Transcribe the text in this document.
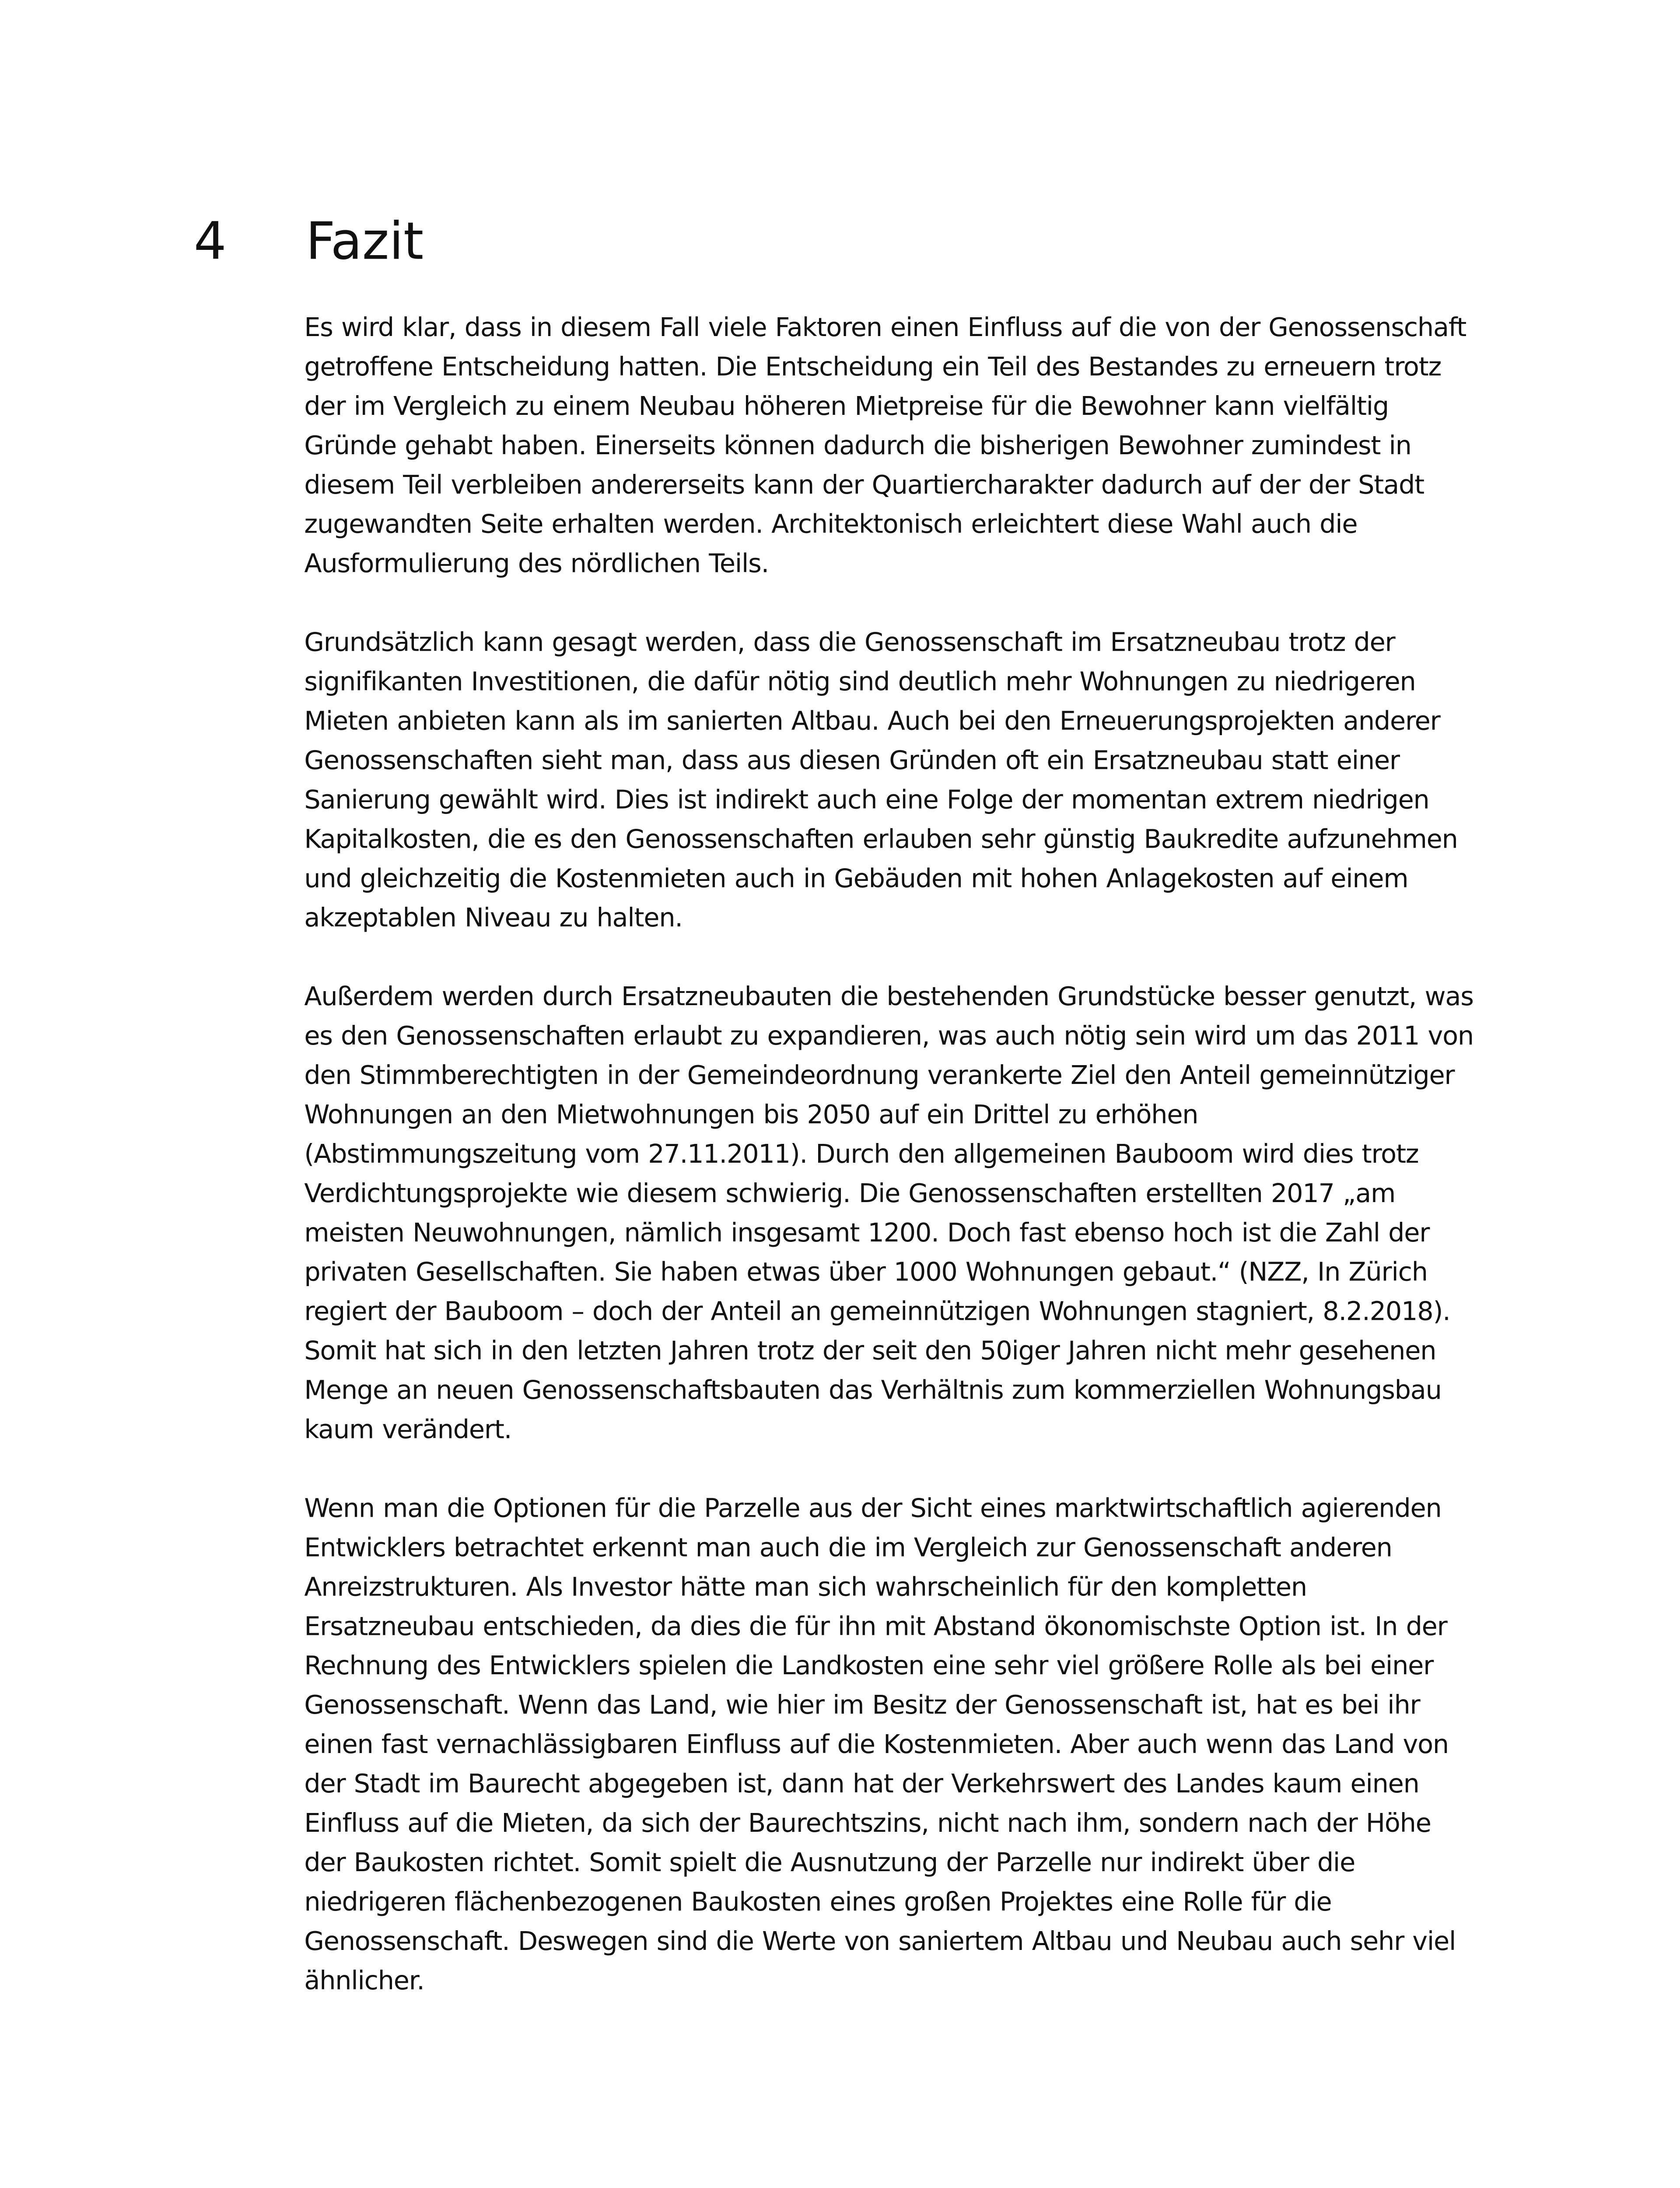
4	Fazit

Es wird klar, dass in diesem Fall viele Faktoren einen Einfluss auf die von der Genossenschaft getroffene Entscheidung hatten. Die Entscheidung ein Teil des Bestandes zu erneuern trotz der im Vergleich zu einem Neubau höheren Mietpreise für die Bewohner kann vielfältig Gründe gehabt haben. Einerseits können dadurch die bisherigen Bewohner zumindest in diesem Teil verbleiben andererseits kann der Quartiercharakter dadurch auf der der Stadt zugewandten Seite erhalten werden. Architektonisch erleichtert diese Wahl auch die Ausformulierung des nördlichen Teils.

Grundsätzlich kann gesagt werden, dass die Genossenschaft im Ersatzneubau trotz der signifikanten Investitionen, die dafür nötig sind deutlich mehr Wohnungen zu niedrigeren Mieten anbieten kann als im sanierten Altbau. Auch bei den Erneuerungsprojekten anderer Genossenschaften sieht man, dass aus diesen Gründen oft ein Ersatzneubau statt einer Sanierung gewählt wird. Dies ist indirekt auch eine Folge der momentan extrem niedrigen Kapitalkosten, die es den Genossenschaften erlauben sehr günstig Baukredite aufzunehmen und gleichzeitig die Kostenmieten auch in Gebäuden mit hohen Anlagekosten auf einem akzeptablen Niveau zu halten.

Außerdem werden durch Ersatzneubauten die bestehenden Grundstücke besser genutzt, was es den Genossenschaften erlaubt zu expandieren, was auch nötig sein wird um das 2011 von den Stimmberechtigten in der Gemeindeordnung verankerte Ziel den Anteil gemeinnütziger Wohnungen an den Mietwohnungen bis 2050 auf ein Drittel zu erhöhen (Abstimmungszeitung vom 27.11.2011). Durch den allgemeinen Bauboom wird dies trotz Verdichtungsprojekte wie diesem schwierig. Die Genossenschaften erstellten 2017 „am meisten Neuwohnungen, nämlich insgesamt 1200. Doch fast ebenso hoch ist die Zahl der privaten Gesellschaften. Sie haben etwas über 1000 Wohnungen gebaut.“ (NZZ, In Zürich regiert der Bauboom – doch der Anteil an gemeinnützigen Wohnungen stagniert, 8.2.2018). Somit hat sich in den letzten Jahren trotz der seit den 50iger Jahren nicht mehr gesehenen Menge an neuen Genossenschaftsbauten das Verhältnis zum kommerziellen Wohnungsbau kaum verändert.

Wenn man die Optionen für die Parzelle aus der Sicht eines marktwirtschaftlich agierenden Entwicklers betrachtet erkennt man auch die im Vergleich zur Genossenschaft anderen Anreizstrukturen. Als Investor hätte man sich wahrscheinlich für den kompletten Ersatzneubau entschieden, da dies die für ihn mit Abstand ökonomischste Option ist. In der Rechnung des Entwicklers spielen die Landkosten eine sehr viel größere Rolle als bei einer Genossenschaft. Wenn das Land, wie hier im Besitz der Genossenschaft ist, hat es bei ihr einen fast vernachlässigbaren Einfluss auf die Kostenmieten. Aber auch wenn das Land von der Stadt im Baurecht abgegeben ist, dann hat der Verkehrswert des Landes kaum einen Einfluss auf die Mieten, da sich der Baurechtszins, nicht nach ihm, sondern nach der Höhe der Baukosten richtet. Somit spielt die Ausnutzung der Parzelle nur indirekt über die niedrigeren flächenbezogenen Baukosten eines großen Projektes eine Rolle für die Genossenschaft. Deswegen sind die Werte von saniertem Altbau und Neubau auch sehr viel ähnlicher.
